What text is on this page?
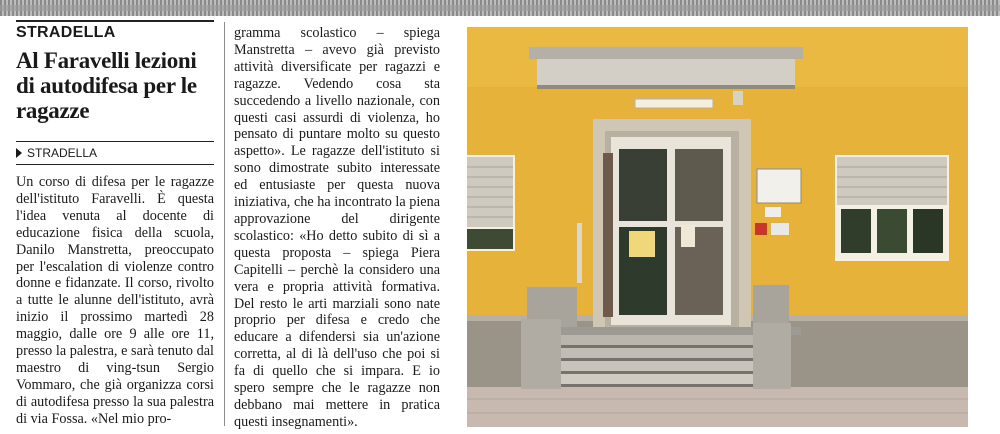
STRADELLA
Al Faravelli lezioni di autodifesa per le ragazze
STRADELLA
Un corso di difesa per le ragazze dell'istituto Faravelli. È questa l'idea venuta al docente di educazione fisica della scuola, Danilo Manstretta, preoccupato per l'escalation di violenze contro donne e fidanzate. Il corso, rivolto a tutte le alunne dell'istituto, avrà inizio il prossimo martedì 28 maggio, dalle ore 9 alle ore 11, presso la palestra, e sarà tenuto dal maestro di ving-tsun Sergio Vommaro, che già organizza corsi di autodifesa presso la sua palestra di via Fossa. «Nel mio pro-
gramma scolastico – spiega Manstretta – avevo già previsto attività diversificate per ragazzi e ragazze. Vedendo cosa sta succedendo a livello nazionale, con questi casi assurdi di violenza, ho pensato di puntare molto su questo aspetto». Le ragazze dell'istituto si sono dimostrate subito interessate ed entusiaste per questa nuova iniziativa, che ha incontrato la piena approvazione del dirigente scolastico: «Ho detto subito di sì a questa proposta – spiega Piera Capitelli – perchè la considero una vera e propria attività formativa. Del resto le arti marziali sono nate proprio per difesa e credo che educare a difendersi sia un'azione corretta, al di là dell'uso che poi si fa di quello che si impara. E io spero sempre che le ragazze non debbano mai mettere in pratica questi insegnamenti».
